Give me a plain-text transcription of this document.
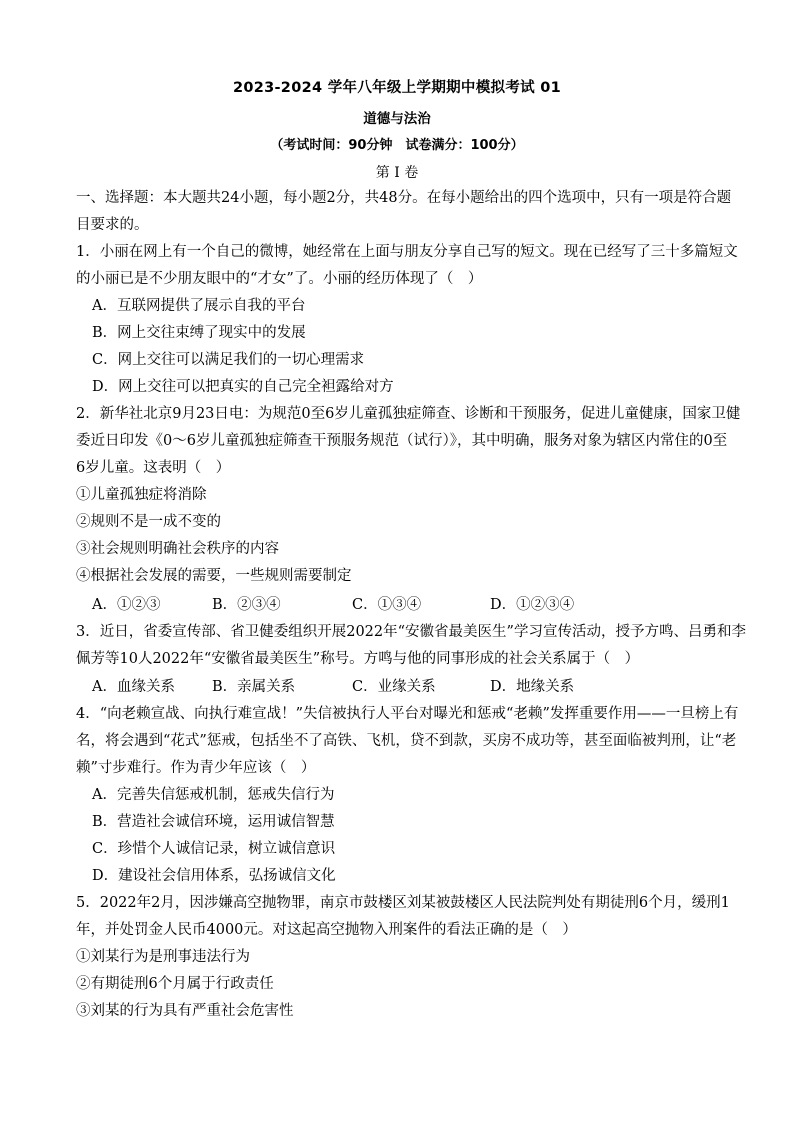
2023-2024 学年八年级上学期期中模拟考试 01
道德与法治
（考试时间：90分钟　试卷满分：100分）
第 I 卷
一、选择题：本大题共24小题，每小题2分，共48分。在每小题给出的四个选项中，只有一项是符合题
目要求的。
1．小丽在网上有一个自己的微博，她经常在上面与朋友分享自己写的短文。现在已经写了三十多篇短文
的小丽已是不少朋友眼中的“才女”了。小丽的经历体现了（　）
A．互联网提供了展示自我的平台
B．网上交往束缚了现实中的发展
C．网上交往可以满足我们的一切心理需求
D．网上交往可以把真实的自己完全袒露给对方
2．新华社北京9月23日电：为规范0至6岁儿童孤独症筛查、诊断和干预服务，促进儿童健康，国家卫健
委近日印发《0～6岁儿童孤独症筛查干预服务规范（试行）》，其中明确，服务对象为辖区内常住的0至
6岁儿童。这表明（　）
①儿童孤独症将消除
②规则不是一成不变的
③社会规则明确社会秩序的内容
④根据社会发展的需要，一些规则需要制定
A．①②③	B．②③④	C．①③④	D．①②③④
3．近日，省委宣传部、省卫健委组织开展2022年“安徽省最美医生”学习宣传活动，授予方鸣、吕勇和李
佩芳等10人2022年“安徽省最美医生”称号。方鸣与他的同事形成的社会关系属于（　）
A．血缘关系	B．亲属关系	C．业缘关系	D．地缘关系
4．“向老赖宣战、向执行难宣战！”失信被执行人平台对曝光和惩戒“老赖”发挥重要作用——一旦榜上有
名，将会遇到“花式”惩戒，包括坐不了高铁、飞机，贷不到款，买房不成功等，甚至面临被判刑，让“老
赖”寸步难行。作为青少年应该（　）
A．完善失信惩戒机制，惩戒失信行为
B．营造社会诚信环境，运用诚信智慧
C．珍惜个人诚信记录，树立诚信意识
D．建设社会信用体系，弘扬诚信文化
5．2022年2月，因涉嫌高空抛物罪，南京市鼓楼区刘某被鼓楼区人民法院判处有期徒刑6个月，缓刑1
年，并处罚金人民币4000元。对这起高空抛物入刑案件的看法正确的是（　）
①刘某行为是刑事违法行为
②有期徒刑6个月属于行政责任
③刘某的行为具有严重社会危害性
